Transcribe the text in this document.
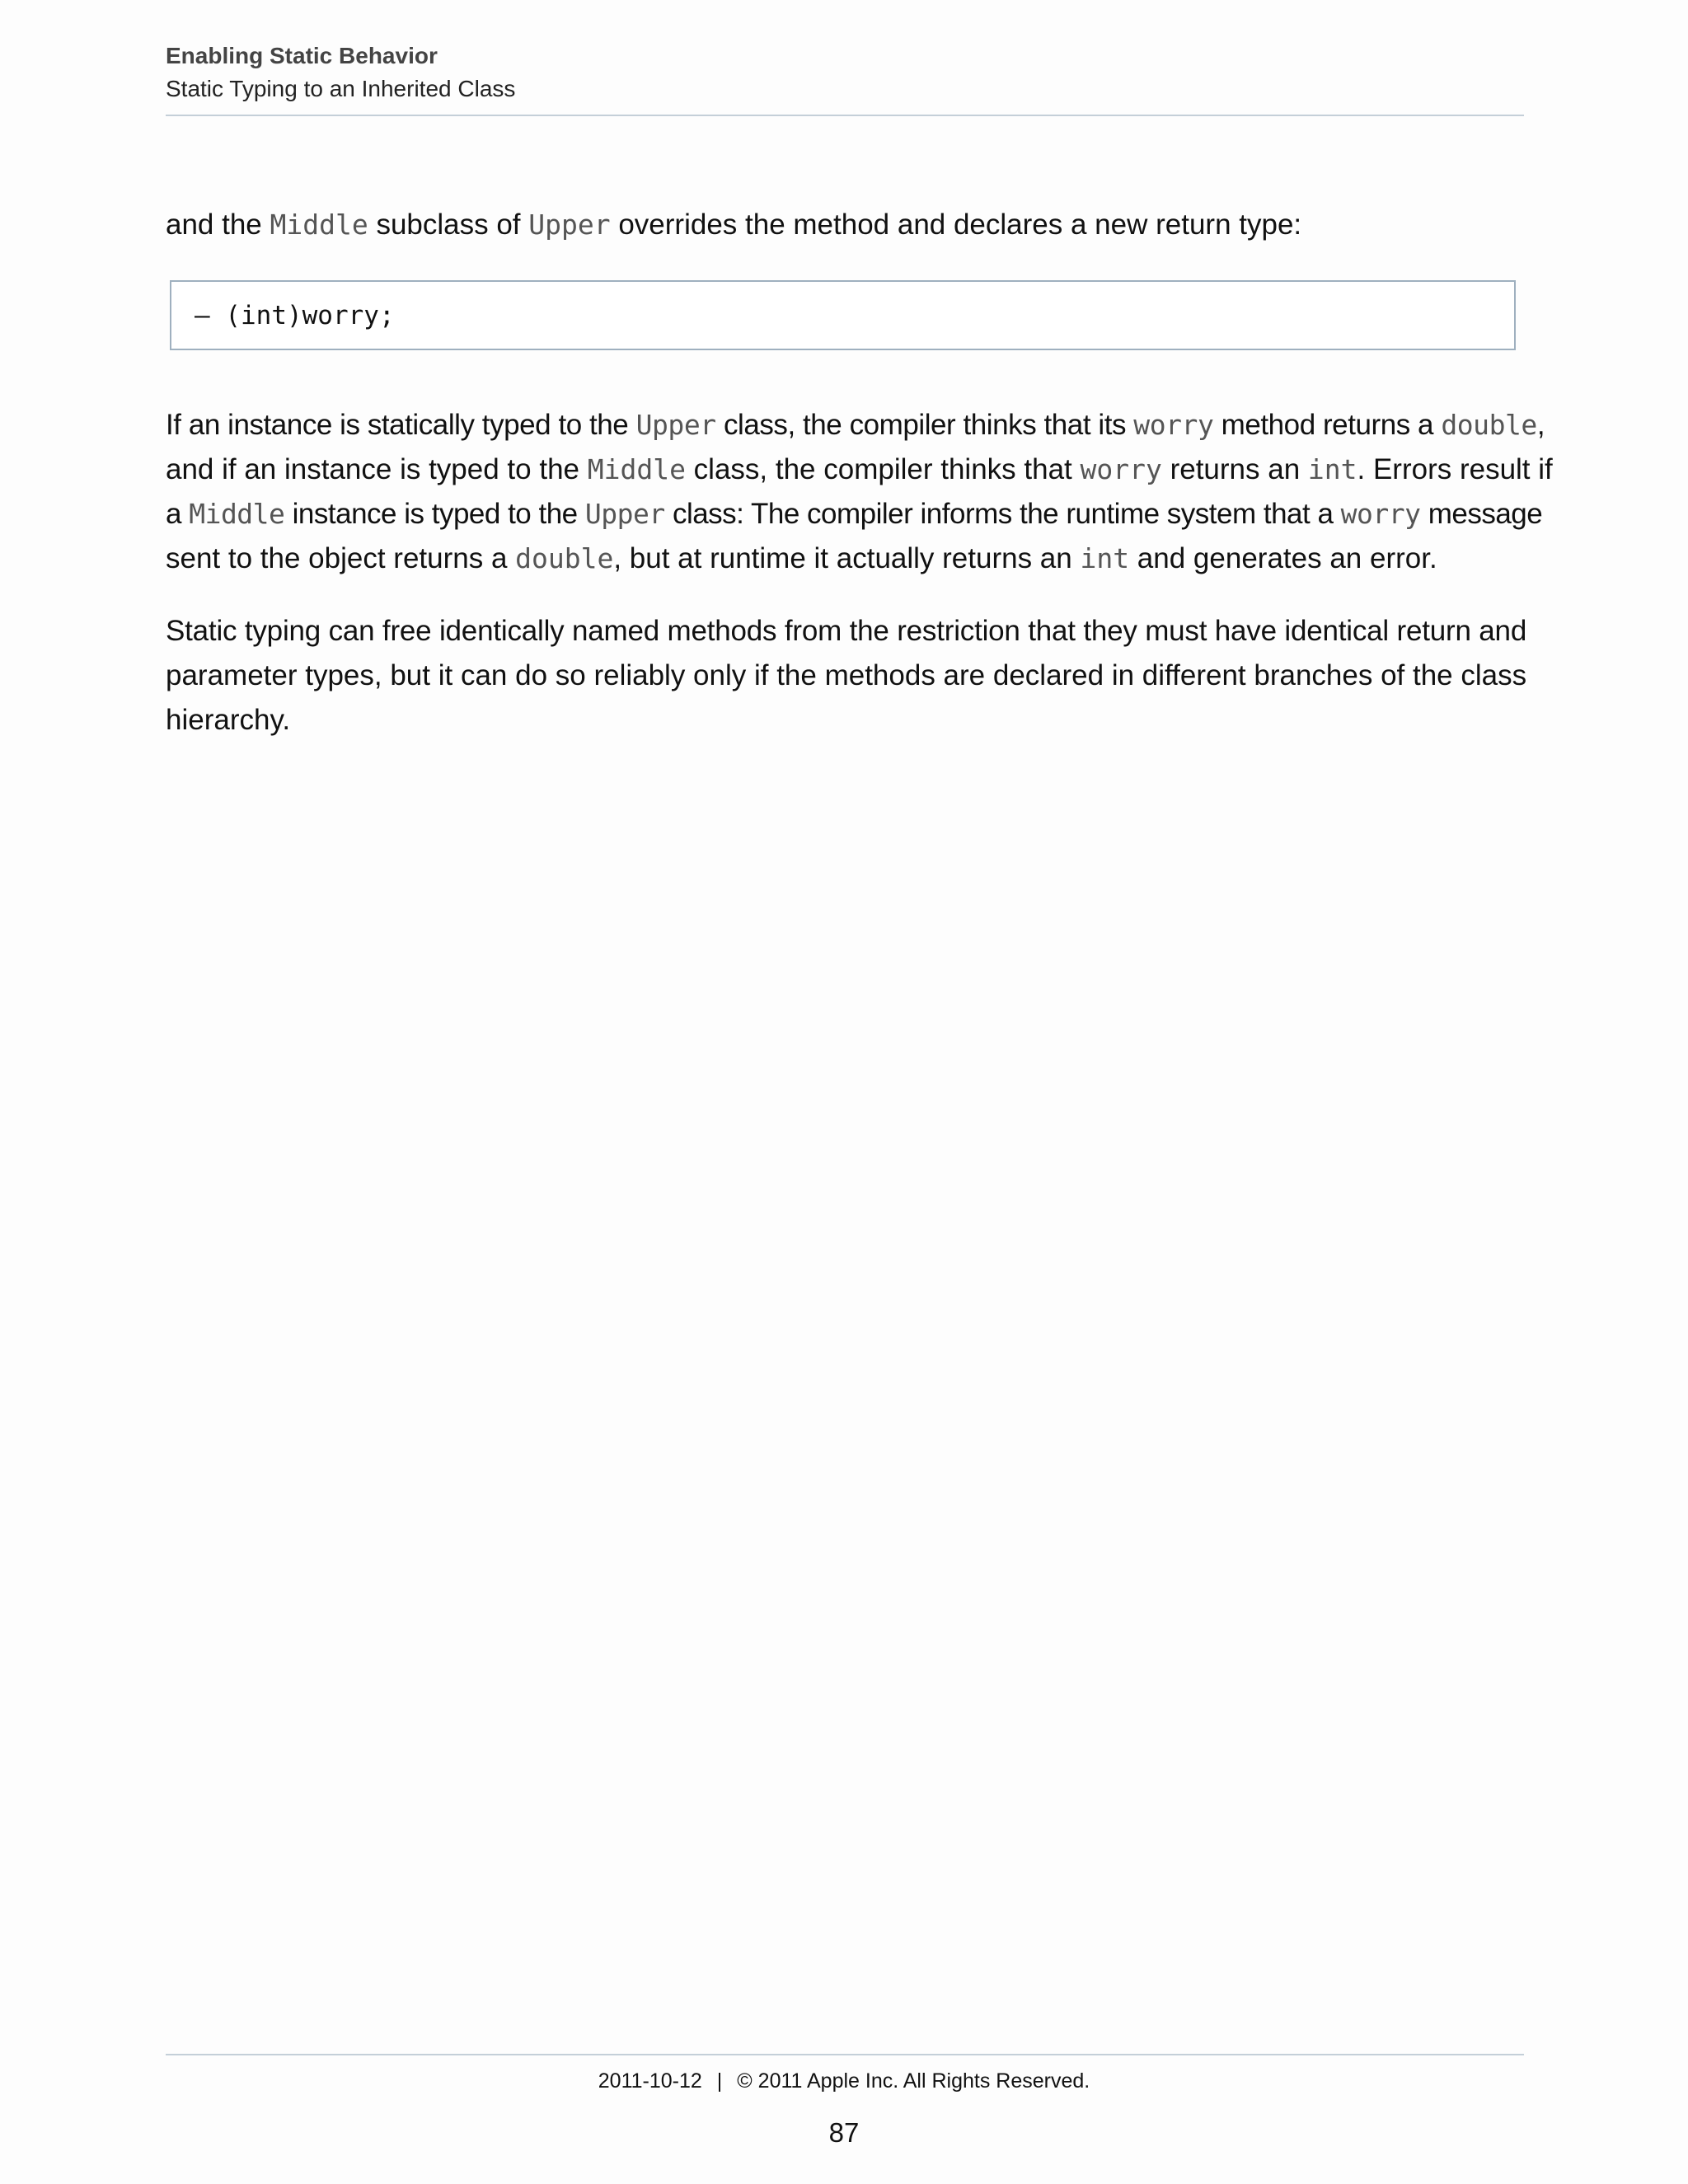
Enabling Static Behavior
Static Typing to an Inherited Class

and the Middle subclass of Upper overrides the method and declares a new return type:

– (int)worry;

If an instance is statically typed to the Upper class, the compiler thinks that its worry method returns a double,
and if an instance is typed to the Middle class, the compiler thinks that worry returns an int. Errors result if
a Middle instance is typed to the Upper class: The compiler informs the runtime system that a worry message
sent to the object returns a double, but at runtime it actually returns an int and generates an error.

Static typing can free identically named methods from the restriction that they must have identical return and
parameter types, but it can do so reliably only if the methods are declared in different branches of the class
hierarchy.

2011-10-12 | © 2011 Apple Inc. All Rights Reserved.
87
